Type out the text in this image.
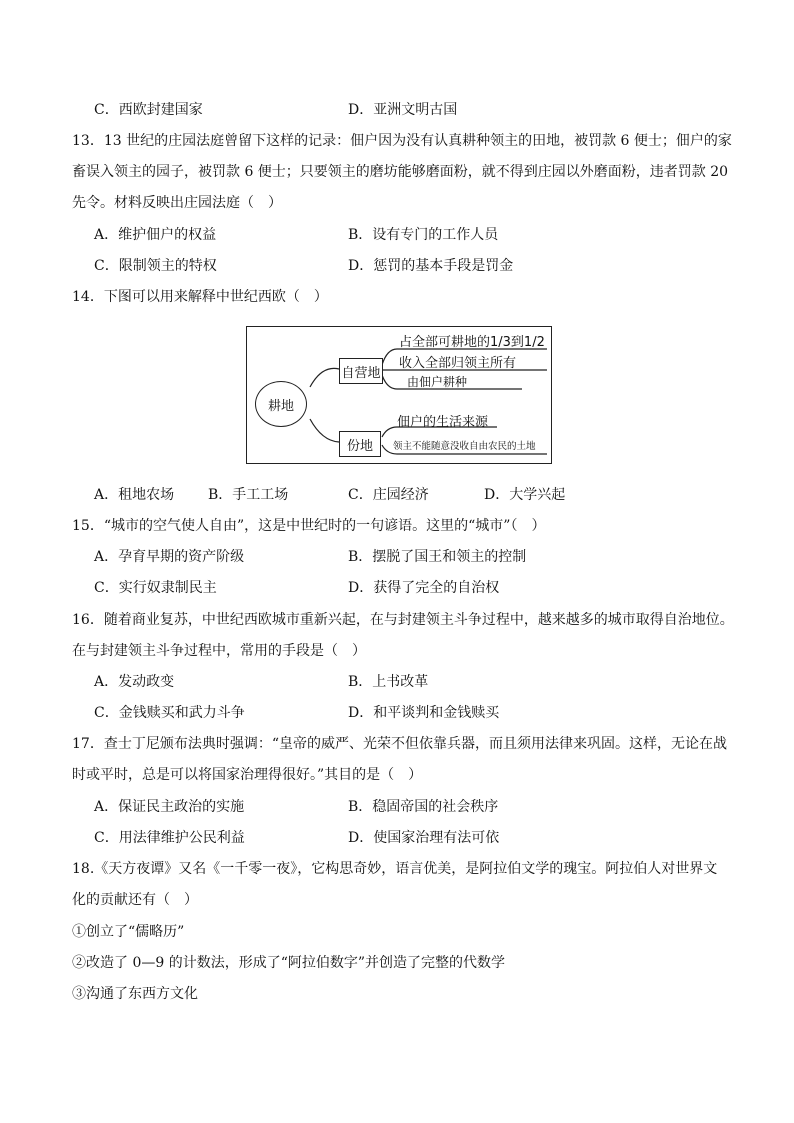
C．西欧封建国家	D．亚洲文明古国
13．13 世纪的庄园法庭曾留下这样的记录：佃户因为没有认真耕种领主的田地，被罚款 6 便士；佃户的家
畜误入领主的园子，被罚款 6 便士；只要领主的磨坊能够磨面粉，就不得到庄园以外磨面粉，违者罚款 20
先令。材料反映出庄园法庭（　）
A．维护佃户的权益	B．设有专门的工作人员
C．限制领主的特权	D．惩罚的基本手段是罚金
14．下图可以用来解释中世纪西欧（　）
耕地
自营地
份地
占全部可耕地的1/3到1/2
收入全部归领主所有
由佃户耕种
佃户的生活来源
领主不能随意没收自由农民的土地
A．租地农场 B．手工工场	C．庄园经济	D．大学兴起
15．“城市的空气使人自由”，这是中世纪时的一句谚语。这里的“城市”（　）
A．孕育早期的资产阶级	B．摆脱了国王和领主的控制
C．实行奴隶制民主	D．获得了完全的自治权
16．随着商业复苏，中世纪西欧城市重新兴起，在与封建领主斗争过程中，越来越多的城市取得自治地位。
在与封建领主斗争过程中，常用的手段是（　）
A．发动政变	B．上书改革
C．金钱赎买和武力斗争	D．和平谈判和金钱赎买
17．查士丁尼颁布法典时强调：“皇帝的威严、光荣不但依靠兵器，而且须用法律来巩固。这样，无论在战
时或平时，总是可以将国家治理得很好。”其目的是（　）
A．保证民主政治的实施	B．稳固帝国的社会秩序
C．用法律维护公民利益	D．使国家治理有法可依
18.《天方夜谭》又名《一千零一夜》，它构思奇妙，语言优美，是阿拉伯文学的瑰宝。阿拉伯人对世界文
化的贡献还有（　）
①创立了“儒略历”
②改造了 0—9 的计数法，形成了“阿拉伯数字”并创造了完整的代数学
③沟通了东西方文化
